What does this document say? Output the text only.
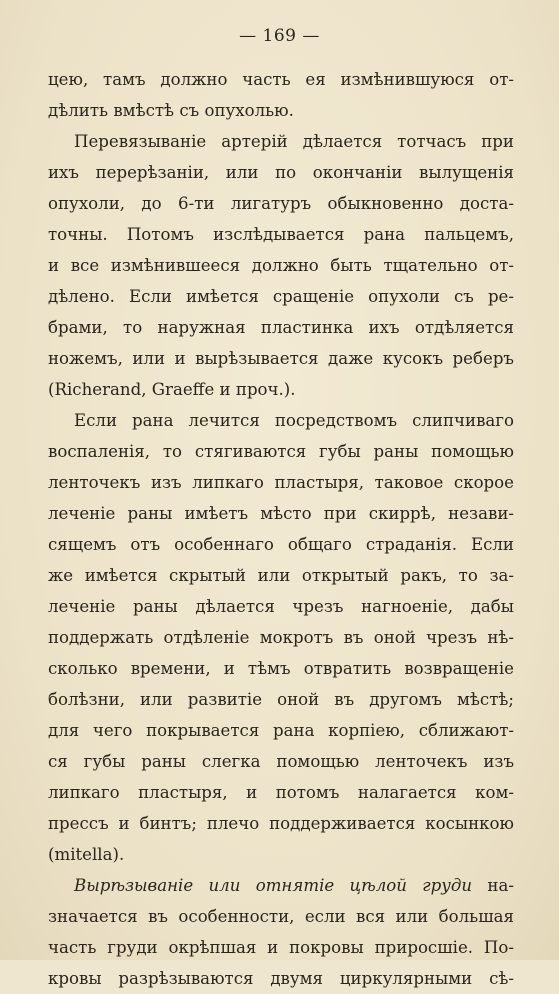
— 169 —
цею, тамъ должно часть ея измѣнившуюся от-
дѣлить вмѣстѣ съ опухолью.
Перевязываніе артерій дѣлается тотчасъ при
ихъ перерѣзаніи, или по окончаніи вылущенія
опухоли, до 6-ти лигатуръ обыкновенно доста-
точны. Потомъ изслѣдывается рана пальцемъ,
и все измѣнившееся должно быть тщательно от-
дѣлено. Если имѣется сращеніе опухоли съ ре-
брами, то наружная пластинка ихъ отдѣляется
ножемъ, или и вырѣзывается даже кусокъ реберъ
(Richerand, Graeffe и проч.).
Если рана лечится посредствомъ слипчиваго
воспаленія, то стягиваются губы раны помощью
ленточекъ изъ липкаго пластыря, таковое скорое
леченіе раны имѣетъ мѣсто при скиррѣ, незави-
сящемъ отъ особеннаго общаго страданія. Если
же имѣется скрытый или открытый ракъ, то за-
леченіе раны дѣлается чрезъ нагноеніе, дабы
поддержать отдѣленіе мокротъ въ оной чрезъ нѣ-
сколько времени, и тѣмъ отвратить возвращеніе
болѣзни, или развитіе оной въ другомъ мѣстѣ;
для чего покрывается рана корпіею, сближают-
ся губы раны слегка помощью ленточекъ изъ
липкаго пластыря, и потомъ налагается ком-
прессъ и бинтъ; плечо поддерживается косынкою
(mitella).
Вырѣзываніе или отнятіе цѣлой груди на-
значается въ особенности, если вся или большая
часть груди окрѣпшая и покровы приросшіе. По-
кровы разрѣзываются двумя циркулярными сѣ-
